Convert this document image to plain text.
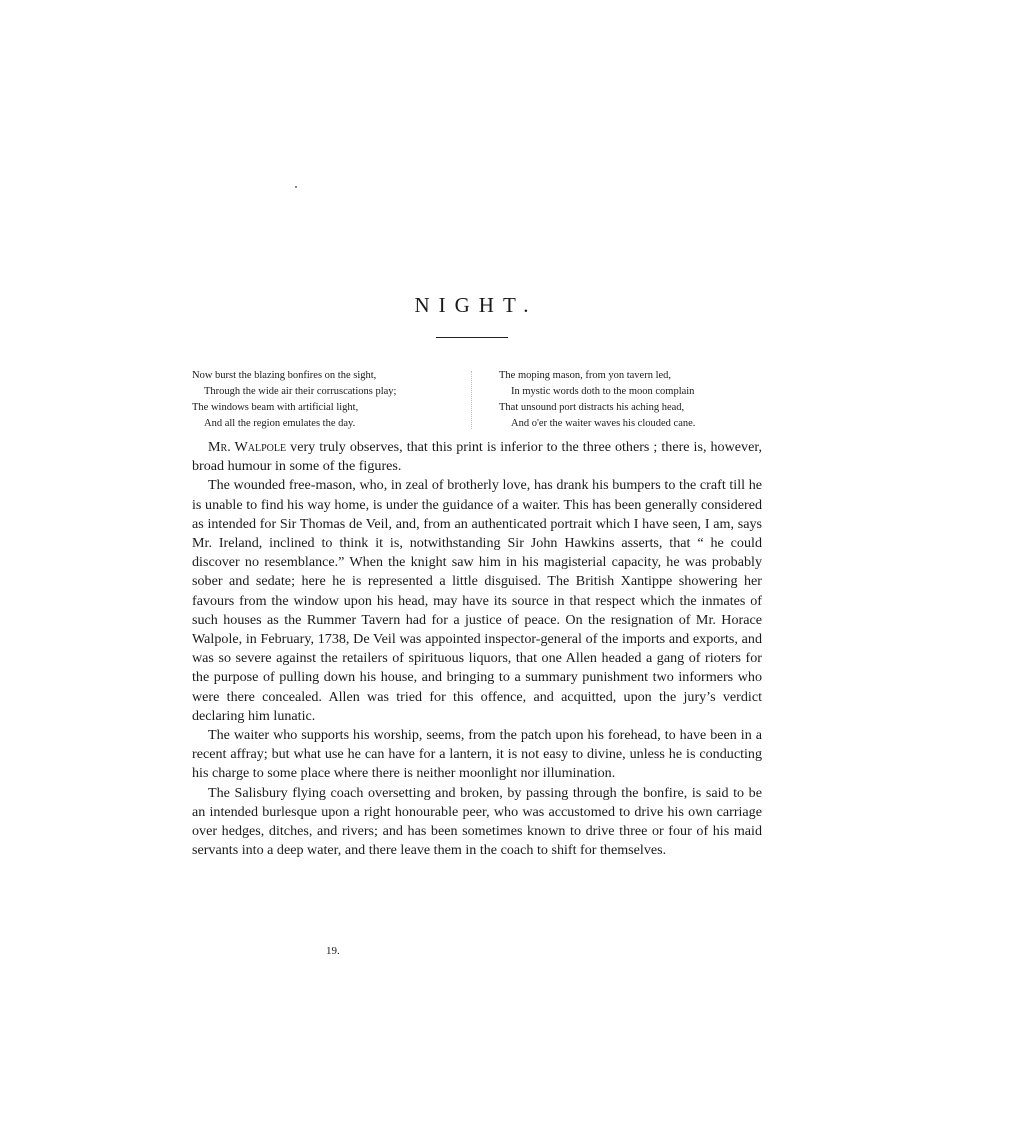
NIGHT.
Now burst the blazing bonfires on the sight,
Through the wide air their corruscations play;
The windows beam with artificial light,
And all the region emulates the day.
The moping mason, from yon tavern led,
In mystic words doth to the moon complain
That unsound port distracts his aching head,
And o'er the waiter waves his clouded cane.

Mr. Walpole very truly observes, that this print is inferior to the three others ; there is, however, broad humour in some of the figures.

The wounded free-mason, who, in zeal of brotherly love, has drank his bumpers to the craft till he is unable to find his way home, is under the guidance of a waiter. This has been generally considered as intended for Sir Thomas de Veil, and, from an authenticated portrait which I have seen, I am, says Mr. Ireland, inclined to think it is, notwithstanding Sir John Hawkins asserts, that “ he could discover no resemblance.” When the knight saw him in his magisterial capacity, he was probably sober and sedate; here he is represented a little disguised. The British Xantippe showering her favours from the window upon his head, may have its source in that respect which the inmates of such houses as the Rummer Tavern had for a justice of peace. On the resignation of Mr. Horace Walpole, in February, 1738, De Veil was appointed inspector-general of the imports and exports, and was so severe against the retailers of spirituous liquors, that one Allen headed a gang of rioters for the purpose of pulling down his house, and bringing to a summary punishment two informers who were there concealed. Allen was tried for this offence, and acquitted, upon the jury’s verdict declaring him lunatic.

The waiter who supports his worship, seems, from the patch upon his forehead, to have been in a recent affray; but what use he can have for a lantern, it is not easy to divine, unless he is conducting his charge to some place where there is neither moonlight nor illumination.

The Salisbury flying coach oversetting and broken, by passing through the bonfire, is said to be an intended burlesque upon a right honourable peer, who was accustomed to drive his own carriage over hedges, ditches, and rivers; and has been sometimes known to drive three or four of his maid servants into a deep water, and there leave them in the coach to shift for themselves.

19.
